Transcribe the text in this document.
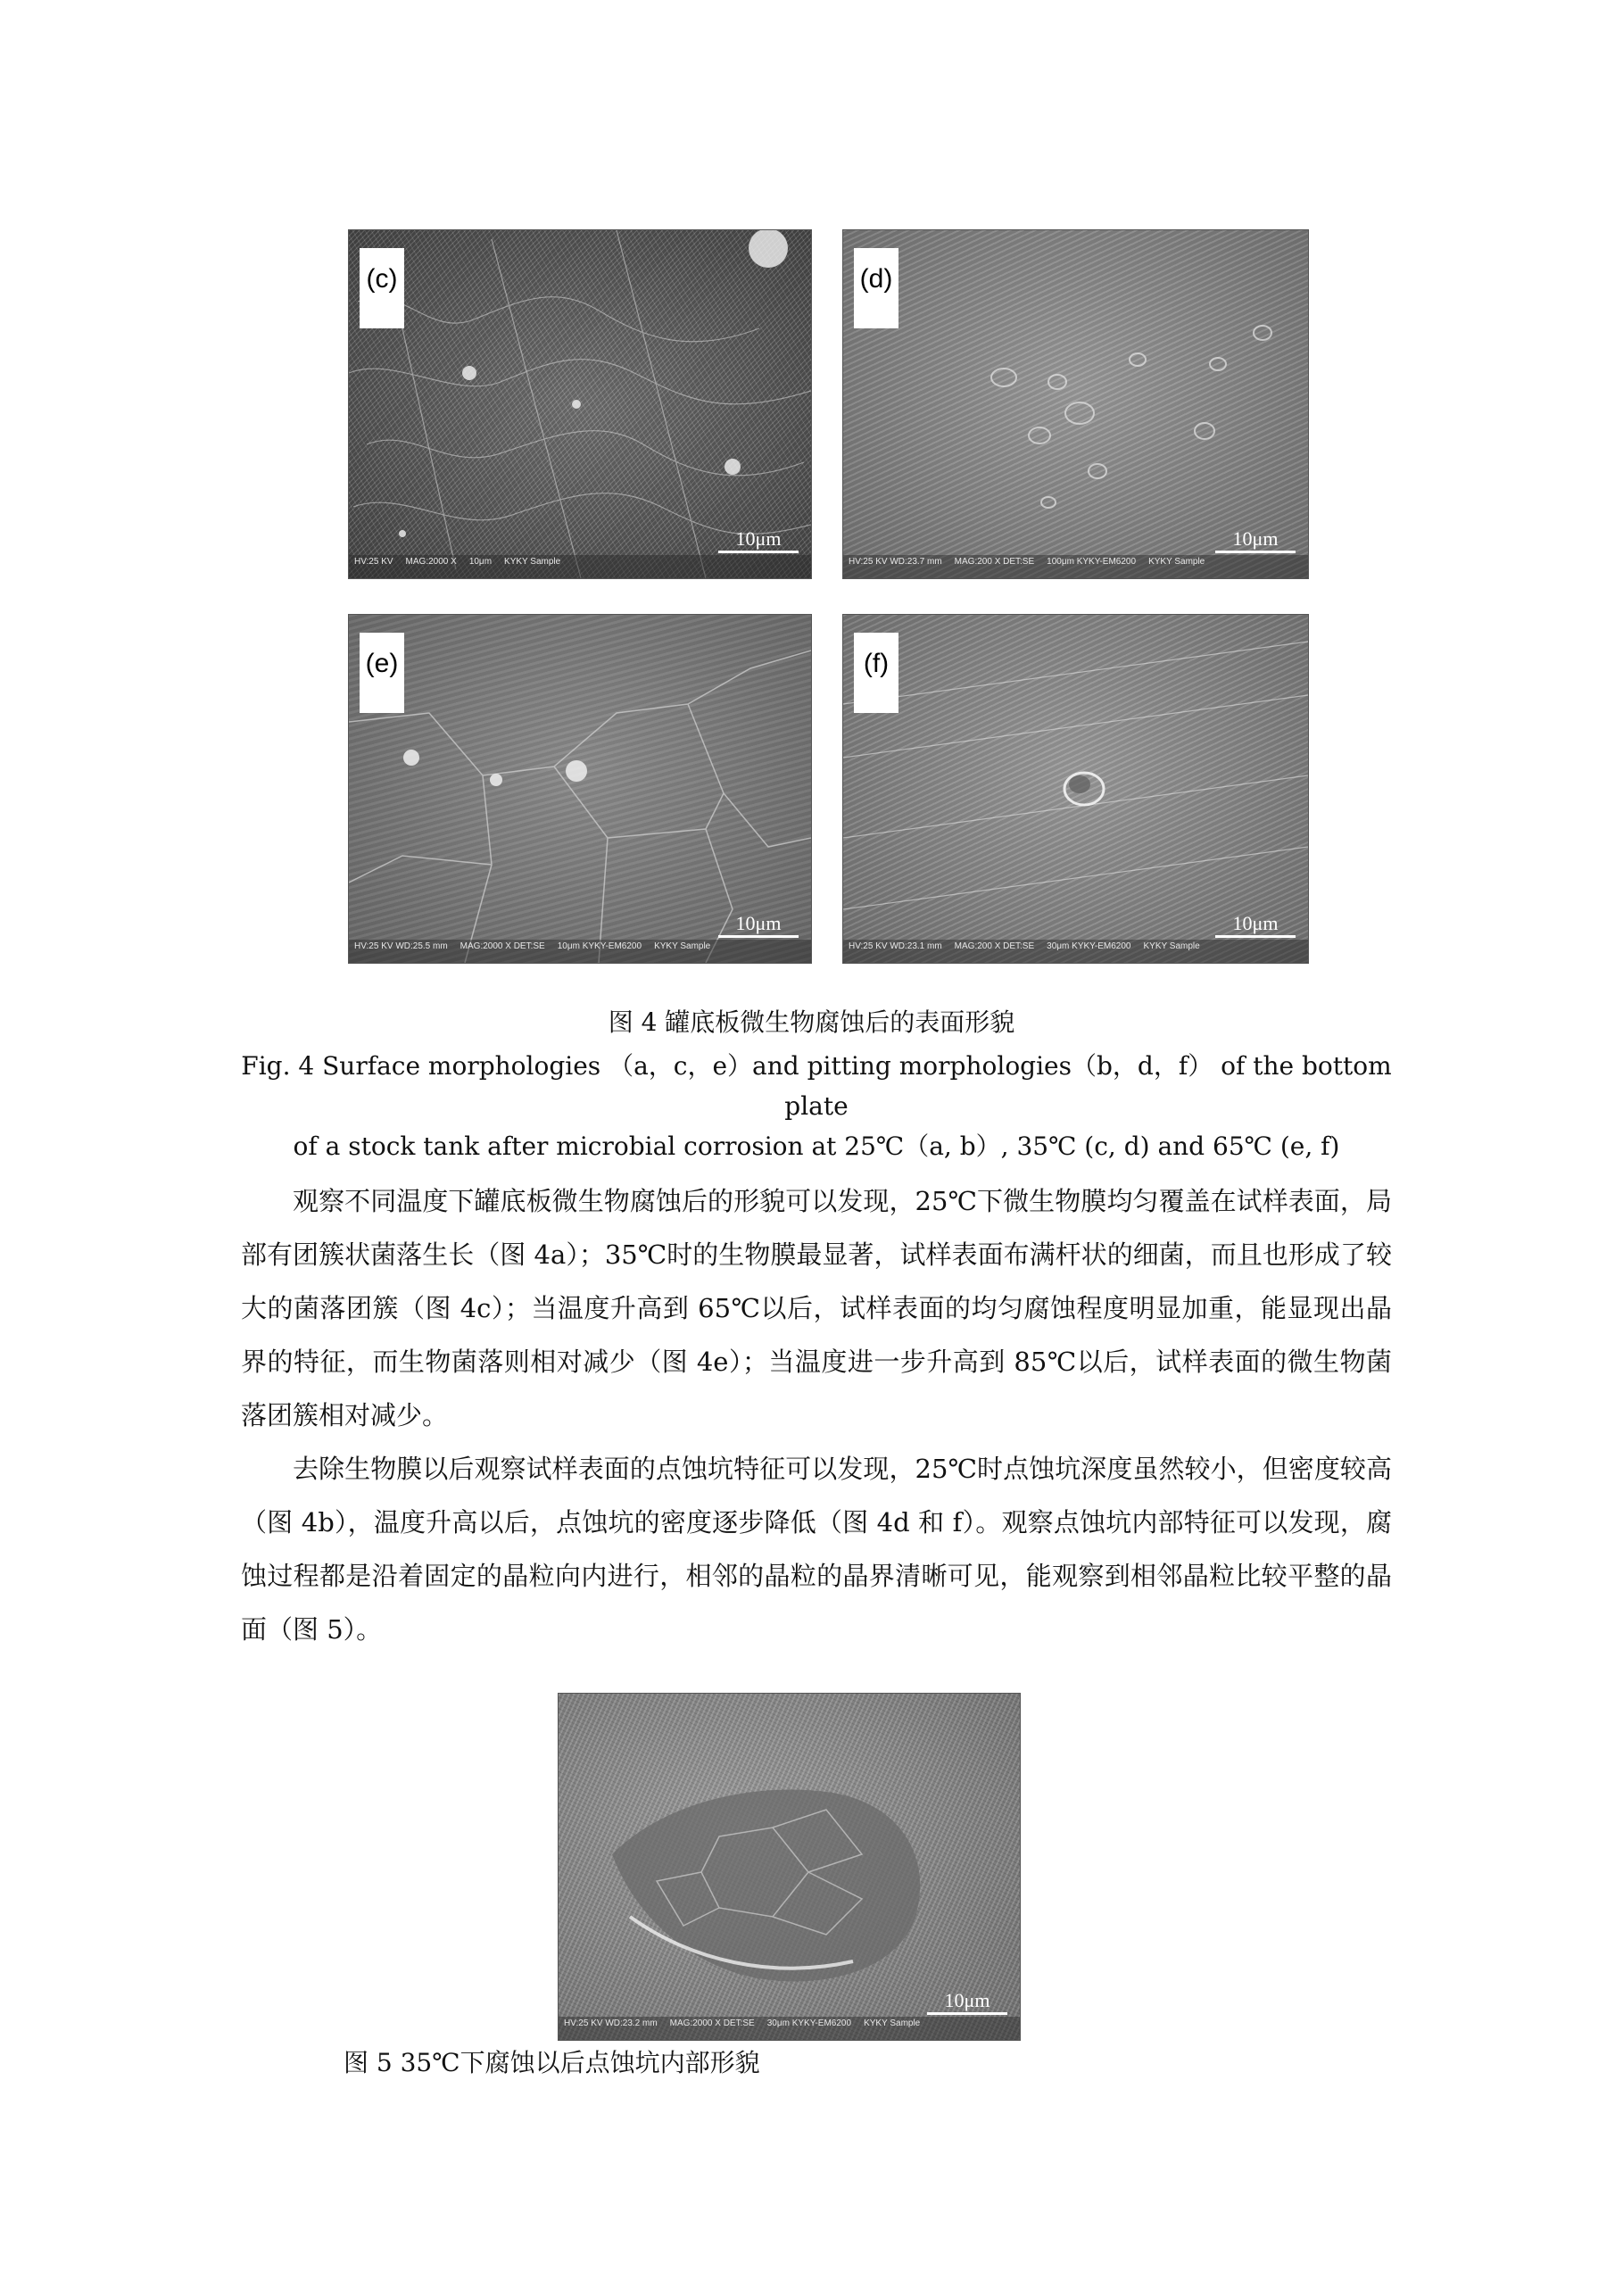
(c)
10μm
HV:25 KV MAG:2000 X 10μm KYKY Sample
(d)
10μm
HV:25 KV WD:23.7 mm MAG:200 X DET:SE 100μm KYKY-EM6200 KYKY Sample
(e)
10μm
HV:25 KV WD:25.5 mm MAG:2000 X DET:SE 10μm KYKY-EM6200 KYKY Sample
(f)
10μm
HV:25 KV WD:23.1 mm MAG:200 X DET:SE 30μm KYKY-EM6200 KYKY Sample
图 4 罐底板微生物腐蚀后的表面形貌
Fig. 4 Surface morphologies （a，c，e）and pitting morphologies（b，d，f） of the bottom plate
of a stock tank after microbial corrosion at 25℃（a, b）, 35℃ (c, d) and 65℃ (e, f)

观察不同温度下罐底板微生物腐蚀后的形貌可以发现，25℃下微生物膜均匀覆盖在试样表面，局部有团簇状菌落生长（图 4a）；35℃时的生物膜最显著，试样表面布满杆状的细菌，而且也形成了较大的菌落团簇（图 4c）；当温度升高到 65℃以后，试样表面的均匀腐蚀程度明显加重，能显现出晶界的特征，而生物菌落则相对减少（图 4e）；当温度进一步升高到 85℃以后，试样表面的微生物菌落团簇相对减少。

去除生物膜以后观察试样表面的点蚀坑特征可以发现，25℃时点蚀坑深度虽然较小，但密度较高（图 4b），温度升高以后，点蚀坑的密度逐步降低（图 4d 和 f）。观察点蚀坑内部特征可以发现，腐蚀过程都是沿着固定的晶粒向内进行，相邻的晶粒的晶界清晰可见，能观察到相邻晶粒比较平整的晶面（图 5）。

10μm
HV:25 KV WD:23.2 mm MAG:2000 X DET:SE 30μm KYKY-EM6200 KYKY Sample
图 5 35℃下腐蚀以后点蚀坑内部形貌
